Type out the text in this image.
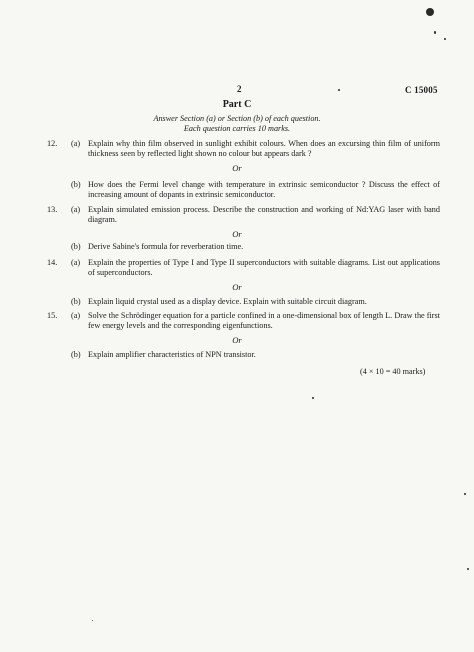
2	C 15005
Part C
Answer Section (a) or Section (b) of each question.
Each question carries 10 marks.
12. (a) Explain why thin film observed in sunlight exhibit colours. When does an excursing thin film of uniform thickness seen by reflected light shown no colour but appears dark ?
Or
(b) How does the Fermi level change with temperature in extrinsic semiconductor ? Discuss the effect of increasing amount of dopants in extrinsic semiconductor.
13. (a) Explain simulated emission process. Describe the construction and working of Nd:YAG laser with band diagram.
Or
(b) Derive Sabine's formula for reverberation time.
14. (a) Explain the properties of Type I and Type II superconductors with suitable diagrams. List out applications of superconductors.
Or
(b) Explain liquid crystal used as a display device. Explain with suitable circuit diagram.
15. (a) Solve the Schrödinger equation for a particle confined in a one-dimensional box of length L. Draw the first few energy levels and the corresponding eigenfunctions.
Or
(b) Explain amplifier characteristics of NPN transistor.
(4 × 10 = 40 marks)
